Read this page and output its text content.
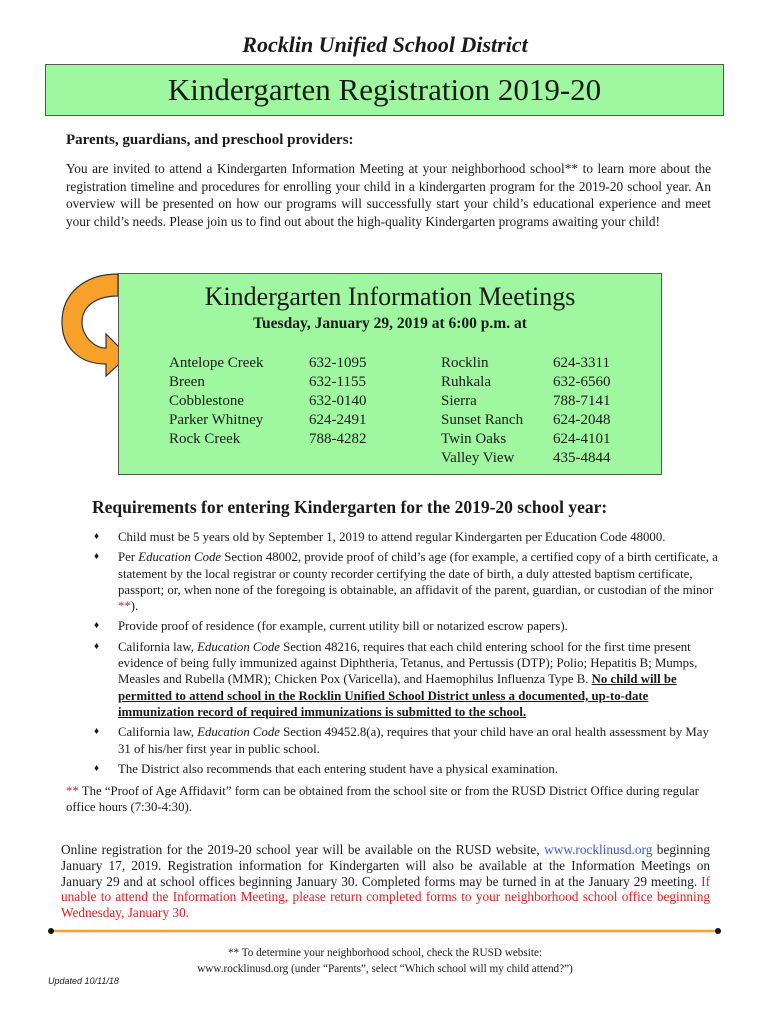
Rocklin Unified School District
Kindergarten Registration 2019-20
Parents, guardians, and preschool providers:
You are invited to attend a Kindergarten Information Meeting at your neighborhood school** to learn more about the registration timeline and procedures for enrolling your child in a kindergarten program for the 2019-20 school year. An overview will be presented on how our programs will successfully start your child’s educational experience and meet your child’s needs. Please join us to find out about the high-quality Kindergarten programs awaiting your child!
Kindergarten Information Meetings
Tuesday, January 29, 2019 at 6:00 p.m. at
Antelope Creek
Breen
Cobblestone
Parker Whitney
Rock Creek
632-1095
632-1155
632-0140
624-2491
788-4282
Rocklin
Ruhkala
Sierra
Sunset Ranch
Twin Oaks
Valley View
624-3311
632-6560
788-7141
624-2048
624-4101
435-4844
Requirements for entering Kindergarten for the 2019-20 school year:
♦ Child must be 5 years old by September 1, 2019 to attend regular Kindergarten per Education Code 48000.
♦ Per Education Code Section 48002, provide proof of child’s age (for example, a certified copy of a birth certificate, a statement by the local registrar or county recorder certifying the date of birth, a duly attested baptism certificate, passport; or, when none of the foregoing is obtainable, an affidavit of the parent, guardian, or custodian of the minor **).
♦ Provide proof of residence (for example, current utility bill or notarized escrow papers).
♦ California law, Education Code Section 48216, requires that each child entering school for the first time present evidence of being fully immunized against Diphtheria, Tetanus, and Pertussis (DTP); Polio; Hepatitis B; Mumps, Measles and Rubella (MMR); Chicken Pox (Varicella), and Haemophilus Influenza Type B. No child will be permitted to attend school in the Rocklin Unified School District unless a documented, up-to-date immunization record of required immunizations is submitted to the school.
♦ California law, Education Code Section 49452.8(a), requires that your child have an oral health assessment by May 31 of his/her first year in public school.
♦ The District also recommends that each entering student have a physical examination.
** The “Proof of Age Affidavit” form can be obtained from the school site or from the RUSD District Office during regular office hours (7:30-4:30).
Online registration for the 2019-20 school year will be available on the RUSD website, www.rocklinusd.org beginning January 17, 2019. Registration information for Kindergarten will also be available at the Information Meetings on January 29 and at school offices beginning January 30. Completed forms may be turned in at the January 29 meeting. If unable to attend the Information Meeting, please return completed forms to your neighborhood school office beginning Wednesday, January 30.
** To determine your neighborhood school, check the RUSD website:
www.rocklinusd.org (under “Parents”, select “Which school will my child attend?”)
Updated 10/11/18
